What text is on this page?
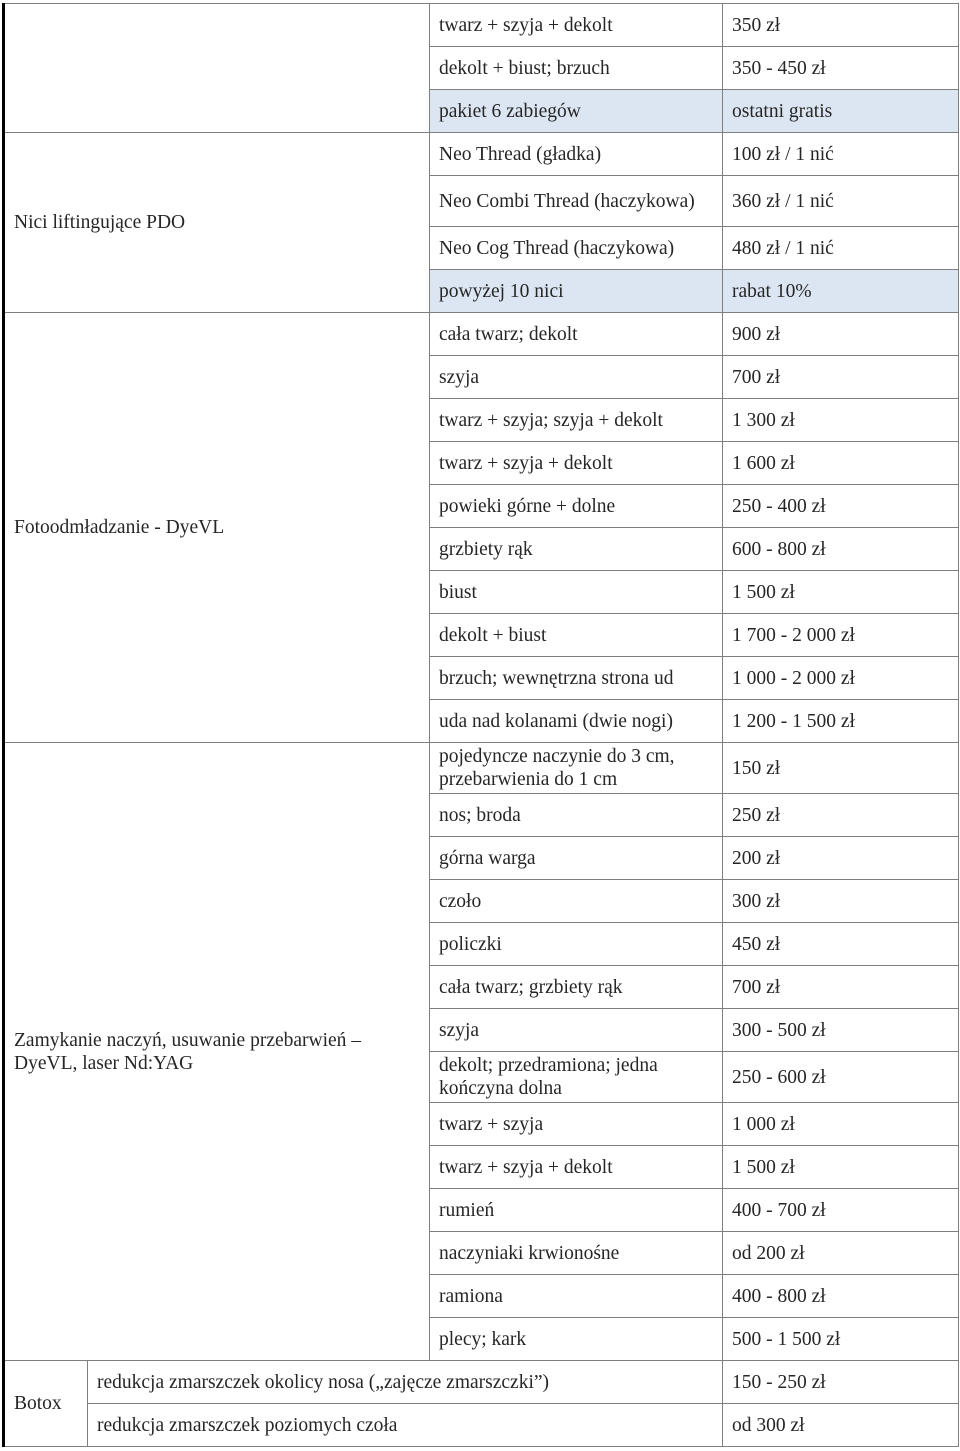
		twarz + szyja + dekolt	350 zł
		dekolt + biust; brzuch	350 - 450 zł
		pakiet 6 zabiegów	ostatni gratis
Nici liftingujące PDO		Neo Thread (gładka)	100 zł / 1 nić
		Neo Combi Thread (haczykowa)	360 zł / 1 nić
		Neo Cog Thread (haczykowa)	480 zł / 1 nić
		powyżej 10 nici	rabat 10%
Fotoodmładzanie - DyeVL		cała twarz; dekolt	900 zł
		szyja	700 zł
		twarz + szyja; szyja + dekolt	1 300 zł
		twarz + szyja + dekolt	1 600 zł
		powieki górne + dolne	250 - 400 zł
		grzbiety rąk	600 - 800 zł
		biust	1 500 zł
		dekolt + biust	1 700 - 2 000 zł
		brzuch; wewnętrzna strona ud	1 000 - 2 000 zł
		uda nad kolanami (dwie nogi)	1 200 - 1 500 zł
Zamykanie naczyń, usuwanie przebarwień – DyeVL, laser Nd:YAG		pojedyncze naczynie do 3 cm, przebarwienia do 1 cm	150 zł
		nos; broda	250 zł
		górna warga	200 zł
		czoło	300 zł
		policzki	450 zł
		cała twarz; grzbiety rąk	700 zł
		szyja	300 - 500 zł
		dekolt; przedramiona; jedna kończyna dolna	250 - 600 zł
		twarz + szyja	1 000 zł
		twarz + szyja + dekolt	1 500 zł
		rumień	400 - 700 zł
		naczyniaki krwionośne	od 200 zł
		ramiona	400 - 800 zł
		plecy; kark	500 - 1 500 zł
Botox	redukcja zmarszczek okolicy nosa („zajęcze zmarszczki”)		150 - 250 zł
	redukcja zmarszczek poziomych czoła		od 300 zł
